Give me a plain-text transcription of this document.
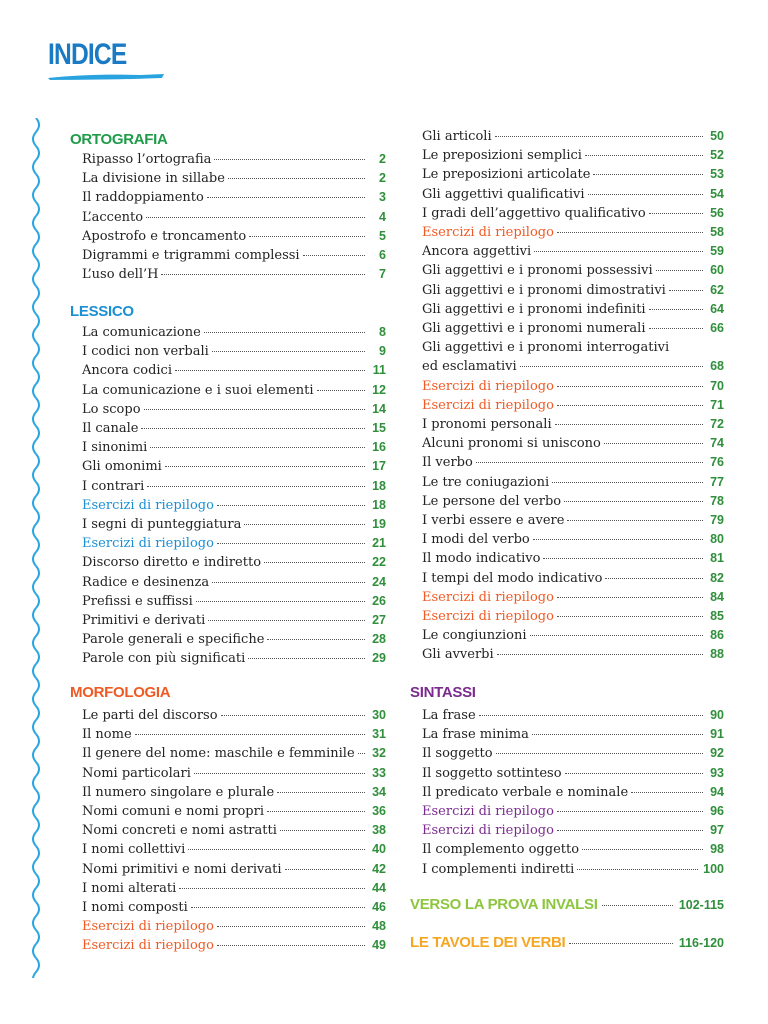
INDICE
ORTOGRAFIA
LESSICO
MORFOLOGIA
Ripasso l’ortografia	2
La divisione in sillabe	2
Il raddoppiamento	3
L’accento	4
Apostrofo e troncamento	5
Digrammi e trigrammi complessi	6
L’uso dell’H	7
La comunicazione	8
I codici non verbali	9
Ancora codici	11
La comunicazione e i suoi elementi	12
Lo scopo	14
Il canale	15
I sinonimi	16
Gli omonimi	17
I contrari	18
Esercizi di riepilogo	18
I segni di punteggiatura	19
Esercizi di riepilogo	21
Discorso diretto e indiretto	22
Radice e desinenza	24
Prefissi e suffissi	26
Primitivi e derivati	27
Parole generali e specifiche	28
Parole con più significati	29
Le parti del discorso	30
Il nome	31
Il genere del nome: maschile e femminile 32
Nomi particolari	33
Il numero singolare e plurale	34
Nomi comuni e nomi propri	36
Nomi concreti e nomi astratti	38
I nomi collettivi	40
Nomi primitivi e nomi derivati	42
I nomi alterati	44
I nomi composti	46
Esercizi di riepilogo	48
Esercizi di riepilogo	49
SINTASSI
VERSO LA PROVA INVALSI	102-115
LE TAVOLE DEI VERBI	116-120
Gli articoli	50
Le preposizioni semplici	52
Le preposizioni articolate	53
Gli aggettivi qualificativi	54
I gradi dell’aggettivo qualificativo	56
Esercizi di riepilogo	58
Ancora aggettivi	59
Gli aggettivi e i pronomi possessivi	60
Gli aggettivi e i pronomi dimostrativi	62
Gli aggettivi e i pronomi indefiniti	64
Gli aggettivi e i pronomi numerali	66
Gli aggettivi e i pronomi interrogativi
ed esclamativi	68
Esercizi di riepilogo	70
Esercizi di riepilogo	71
I pronomi personali	72
Alcuni pronomi si uniscono	74
Il verbo	76
Le tre coniugazioni	77
Le persone del verbo	78
I verbi essere e avere	79
I modi del verbo	80
Il modo indicativo	81
I tempi del modo indicativo	82
Esercizi di riepilogo	84
Esercizi di riepilogo	85
Le congiunzioni	86
Gli avverbi	88
La frase	90
La frase minima	91
Il soggetto	92
Il soggetto sottinteso	93
Il predicato verbale e nominale	94
Esercizi di riepilogo	96
Esercizi di riepilogo	97
Il complemento oggetto	98
I complementi indiretti	100
